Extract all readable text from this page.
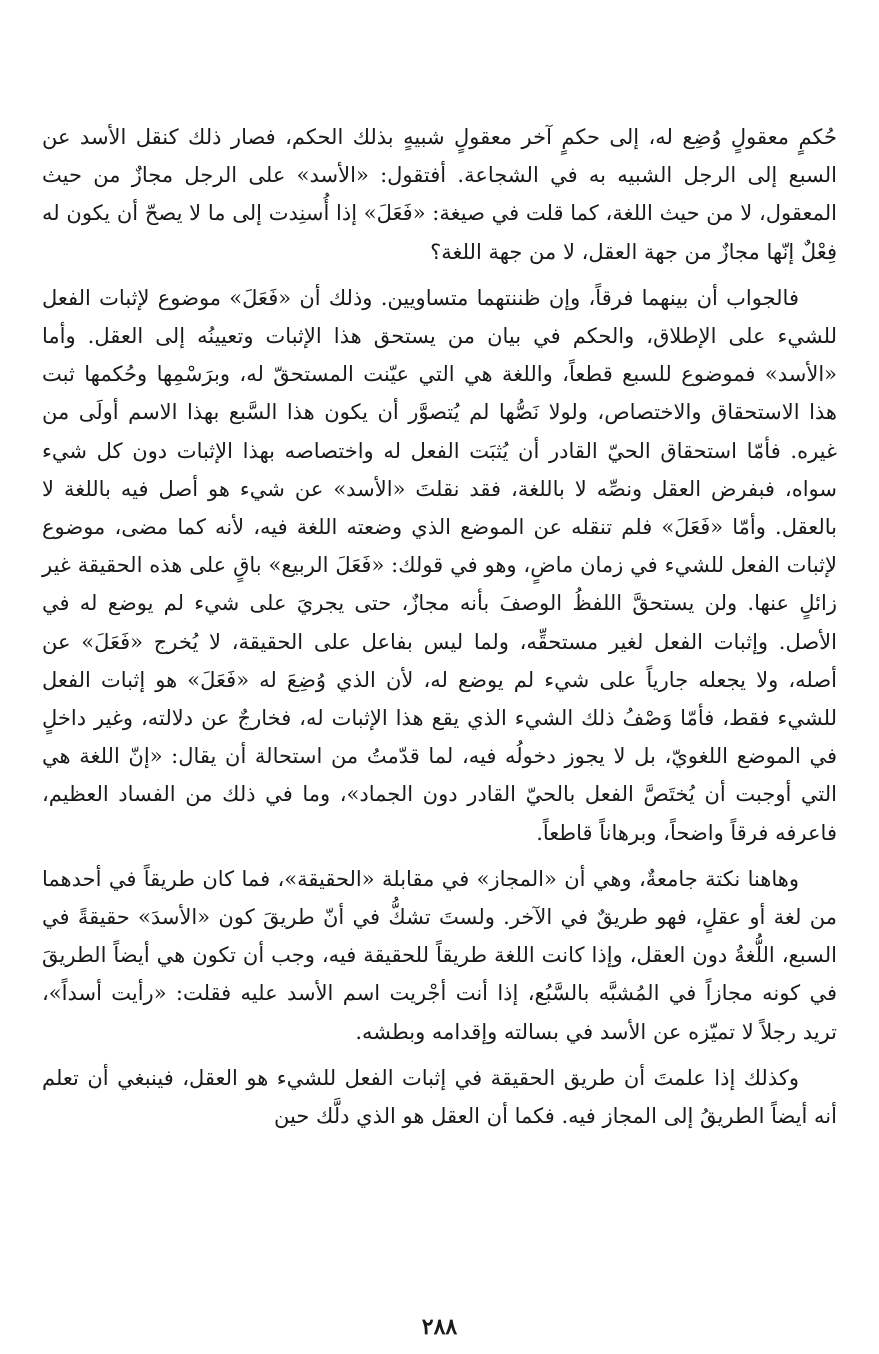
حُكمٍ معقولٍ وُضِع له، إلى حكمٍ آخر معقولٍ شبيهٍ بذلك الحكم، فصار ذلك كنقل الأسد عن السبع إلى الرجل الشبيه به في الشجاعة. أفتقول: «الأسد» على الرجل مجازٌ من حيث المعقول، لا من حيث اللغة، كما قلت في صيغة: «فَعَلَ» إذا أُسنِدت إلى ما لا يصحّ أن يكون له فِعْلٌ إنّها مجازٌ من جهة العقل، لا من جهة اللغة؟

فالجواب أن بينهما فرقاً، وإن ظننتهما متساويين. وذلك أن «فَعَلَ» موضوع لإثبات الفعل للشيء على الإطلاق، والحكم في بيان من يستحق هذا الإثبات وتعيينُه إلى العقل. وأما «الأسد» فموضوع للسبع قطعاً، واللغة هي التي عيّنت المستحقّ له، وبرَسْمِها وحُكمها ثبت هذا الاستحقاق والاختصاص، ولولا نَصُّها لم يُتصوَّر أن يكون هذا السَّبع بهذا الاسم أولَى من غيره. فأمّا استحقاق الحيّ القادر أن يُثبَت الفعل له واختصاصه بهذا الإثبات دون كل شيء سواه، فبفرض العقل ونصِّه لا باللغة، فقد نقلتَ «الأسد» عن شيء هو أصل فيه باللغة لا بالعقل. وأمّا «فَعَلَ» فلم تنقله عن الموضع الذي وضعته اللغة فيه، لأنه كما مضى، موضوع لإثبات الفعل للشيء في زمان ماضٍ، وهو في قولك: «فَعَلَ الربيع» باقٍ على هذه الحقيقة غير زائلٍ عنها. ولن يستحقَّ اللفظُ الوصفَ بأنه مجازٌ، حتى يجريَ على شيء لم يوضع له في الأصل. وإثبات الفعل لغير مستحقِّه، ولما ليس بفاعل على الحقيقة، لا يُخرج «فَعَلَ» عن أصله، ولا يجعله جارياً على شيء لم يوضع له، لأن الذي وُضِعَ له «فَعَلَ» هو إثبات الفعل للشيء فقط، فأمّا وَصْفُ ذلك الشيء الذي يقع هذا الإثبات له، فخارجٌ عن دلالته، وغير داخلٍ في الموضع اللغويّ، بل لا يجوز دخولُه فيه، لما قدّمتُ من استحالة أن يقال: «إنّ اللغة هي التي أوجبت أن يُختَصَّ الفعل بالحيّ القادر دون الجماد»، وما في ذلك من الفساد العظيم، فاعرفه فرقاً واضحاً، وبرهاناً قاطعاً.

وهاهنا نكتة جامعةٌ، وهي أن «المجاز» في مقابلة «الحقيقة»، فما كان طريقاً في أحدهما من لغة أو عقلٍ، فهو طريقٌ في الآخر. ولستَ تشكُّ في أنّ طريقَ كون «الأسدَ» حقيقةً في السبع، اللُّغةُ دون العقل، وإذا كانت اللغة طريقاً للحقيقة فيه، وجب أن تكون هي أيضاً الطريقَ في كونه مجازاً في المُشبَّه بالسَّبُع، إذا أنت أجْريت اسم الأسد عليه فقلت: «رأيت أسداً»، تريد رجلاً لا تميّزه عن الأسد في بسالته وإقدامه وبطشه.

وكذلك إذا علمتَ أن طريق الحقيقة في إثبات الفعل للشيء هو العقل، فينبغي أن تعلم أنه أيضاً الطريقُ إلى المجاز فيه. فكما أن العقل هو الذي دلَّك حين

٢٨٨
